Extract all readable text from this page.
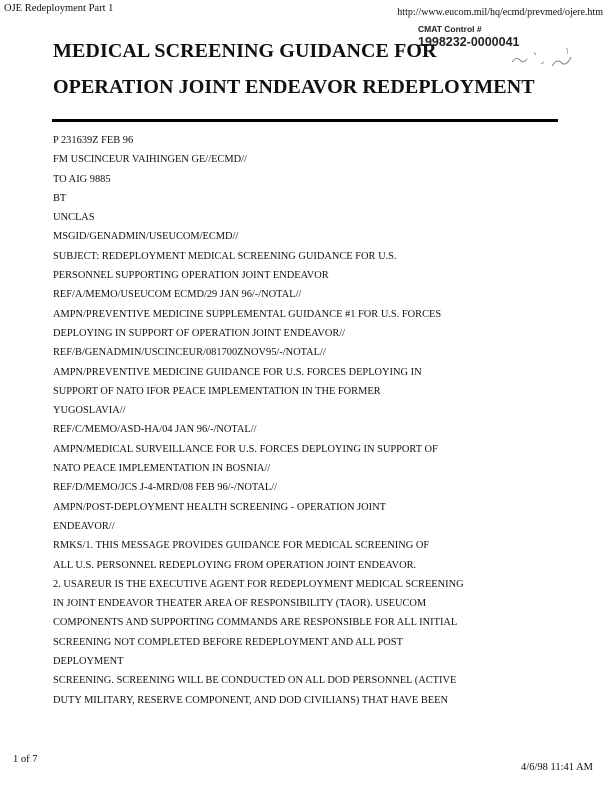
OJE Redeployment Part 1	http://www.eucom.mil/hq/ecmd/prevmed/ojere.htm
CMAT Control #
1998232-0000041
MEDICAL SCREENING GUIDANCE FOR
OPERATION JOINT ENDEAVOR REDEPLOYMENT
P 231639Z FEB 96
FM USCINCEUR VAIHINGEN GE//ECMD//
TO AIG 9885
BT
UNCLAS
MSGID/GENADMIN/USEUCOM/ECMD//
SUBJECT: REDEPLOYMENT MEDICAL SCREENING GUIDANCE FOR U.S.
PERSONNEL SUPPORTING OPERATION JOINT ENDEAVOR
REF/A/MEMO/USEUCOM ECMD/29 JAN 96/-/NOTAL//
AMPN/PREVENTIVE MEDICINE SUPPLEMENTAL GUIDANCE #1 FOR U.S. FORCES
DEPLOYING IN SUPPORT OF OPERATION JOINT ENDEAVOR//
REF/B/GENADMIN/USCINCEUR/081700ZNOV95/-/NOTAL//
AMPN/PREVENTIVE MEDICINE GUIDANCE FOR U.S. FORCES DEPLOYING IN
SUPPORT OF NATO IFOR PEACE IMPLEMENTATION IN THE FORMER
YUGOSLAVIA//
REF/C/MEMO/ASD-HA/04 JAN 96/-/NOTAL//
AMPN/MEDICAL SURVEILLANCE FOR U.S. FORCES DEPLOYING IN SUPPORT OF
NATO PEACE IMPLEMENTATION IN BOSNIA//
REF/D/MEMO/JCS J-4-MRD/08 FEB 96/-/NOTAL//
AMPN/POST-DEPLOYMENT HEALTH SCREENING - OPERATION JOINT
ENDEAVOR//
RMKS/1. THIS MESSAGE PROVIDES GUIDANCE FOR MEDICAL SCREENING OF
ALL U.S. PERSONNEL REDEPLOYING FROM OPERATION JOINT ENDEAVOR.
2. USAREUR IS THE EXECUTIVE AGENT FOR REDEPLOYMENT MEDICAL SCREENING
IN JOINT ENDEAVOR THEATER AREA OF RESPONSIBILITY (TAOR). USEUCOM
COMPONENTS AND SUPPORTING COMMANDS ARE RESPONSIBLE FOR ALL INITIAL
SCREENING NOT COMPLETED BEFORE REDEPLOYMENT AND ALL POST
DEPLOYMENT
SCREENING. SCREENING WILL BE CONDUCTED ON ALL DOD PERSONNEL (ACTIVE
DUTY MILITARY, RESERVE COMPONENT, AND DOD CIVILIANS) THAT HAVE BEEN
1 of 7
4/6/98 11:41 AM
